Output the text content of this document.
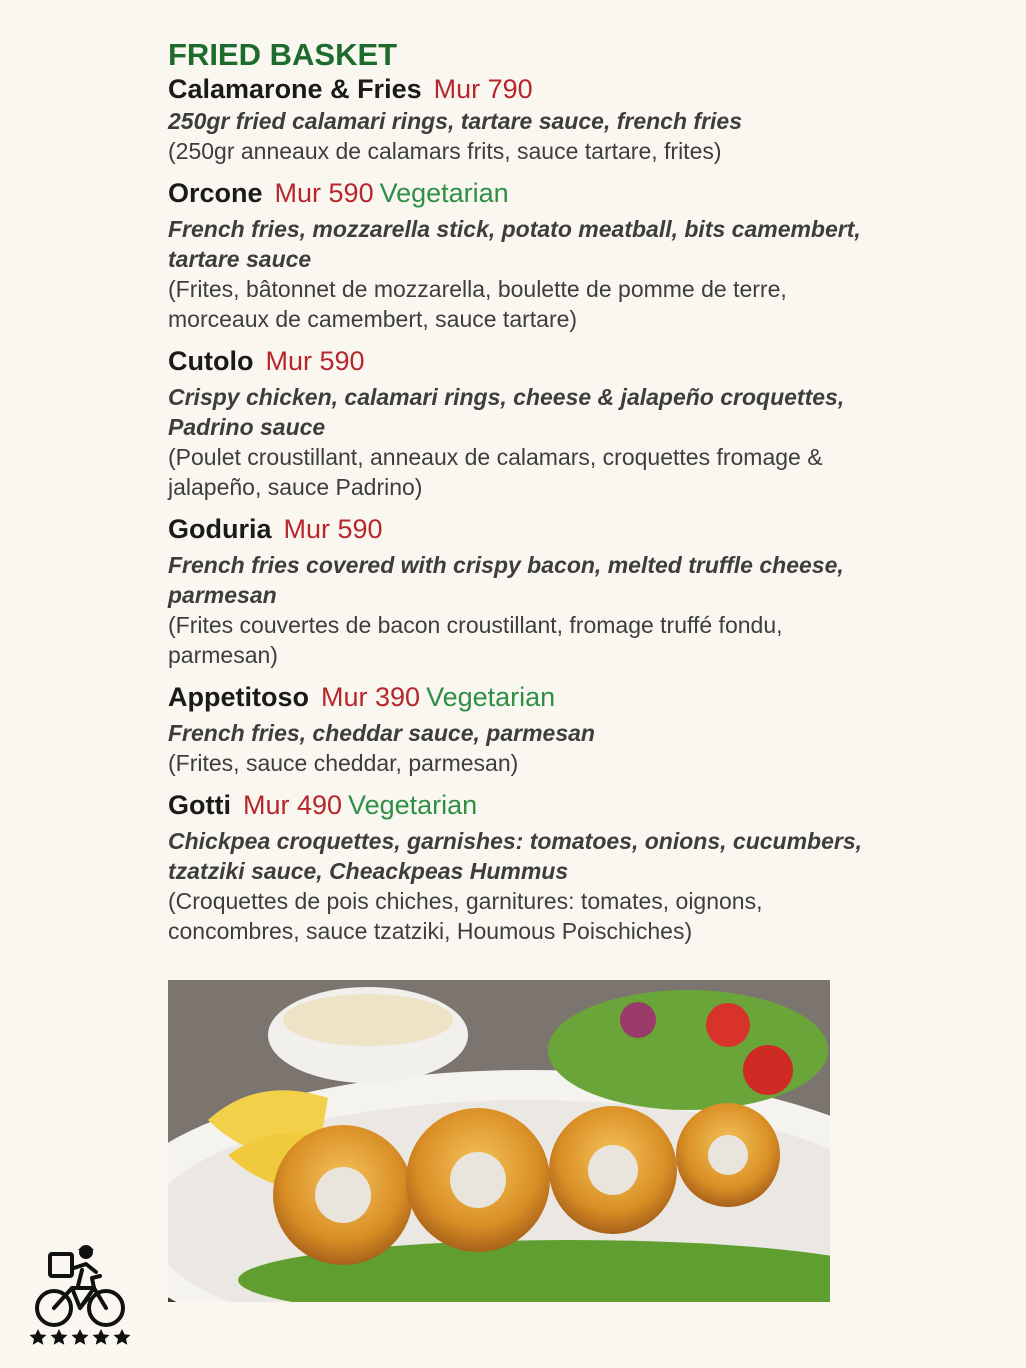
FRIED BASKET
Calamarone & Fries Mur 790
250gr fried calamari rings, tartare sauce, french fries
(250gr anneaux de calamars frits, sauce tartare, frites)
Orcone Mur 590 Vegetarian
French fries, mozzarella stick, potato meatball, bits camembert, tartare sauce
(Frites, bâtonnet de mozzarella, boulette de pomme de terre, morceaux de camembert, sauce tartare)
Cutolo Mur 590
Crispy chicken, calamari rings, cheese & jalapeño croquettes, Padrino sauce
(Poulet croustillant, anneaux de calamars, croquettes fromage & jalapeño, sauce Padrino)
Goduria Mur 590
French fries covered with crispy bacon, melted truffle cheese, parmesan
(Frites couvertes de bacon croustillant, fromage truffé fondu, parmesan)
Appetitoso Mur 390 Vegetarian
French fries, cheddar sauce, parmesan
(Frites, sauce cheddar, parmesan)
Gotti Mur 490 Vegetarian
Chickpea croquettes, garnishes: tomatoes, onions, cucumbers, tzatziki sauce, Cheackpeas Hummus
(Croquettes de pois chiches, garnitures: tomates, oignons, concombres, sauce tzatziki, Houmous Poischiches)
